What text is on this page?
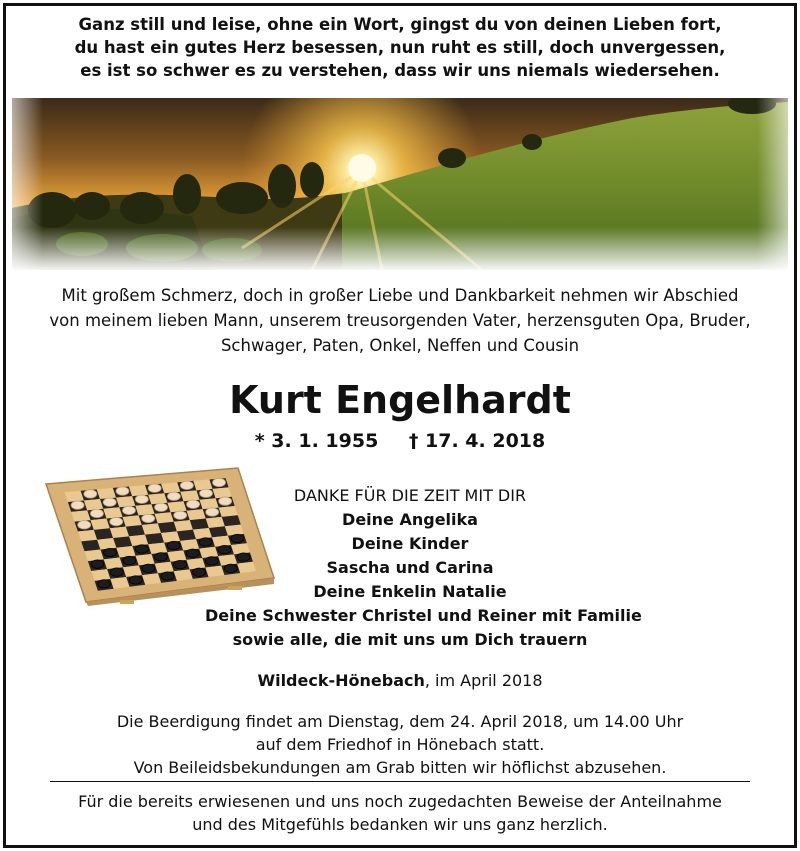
Ganz still und leise, ohne ein Wort, gingst du von deinen Lieben fort,
du hast ein gutes Herz besessen, nun ruht es still, doch unvergessen,
es ist so schwer es zu verstehen, dass wir uns niemals wiedersehen.
Mit großem Schmerz, doch in großer Liebe und Dankbarkeit nehmen wir Abschied
von meinem lieben Mann, unserem treusorgenden Vater, herzensguten Opa, Bruder,
Schwager, Paten, Onkel, Neffen und Cousin
Kurt Engelhardt
* 3. 1. 1955 † 17. 4. 2018
DANKE FÜR DIE ZEIT MIT DIR
Deine Angelika
Deine Kinder
Sascha und Carina
Deine Enkelin Natalie
Deine Schwester Christel und Reiner mit Familie
sowie alle, die mit uns um Dich trauern
Wildeck-Hönebach, im April 2018
Die Beerdigung findet am Dienstag, dem 24. April 2018, um 14.00 Uhr
auf dem Friedhof in Hönebach statt.
Von Beileidsbekundungen am Grab bitten wir höflichst abzusehen.
Für die bereits erwiesenen und uns noch zugedachten Beweise der Anteilnahme
und des Mitgefühls bedanken wir uns ganz herzlich.
